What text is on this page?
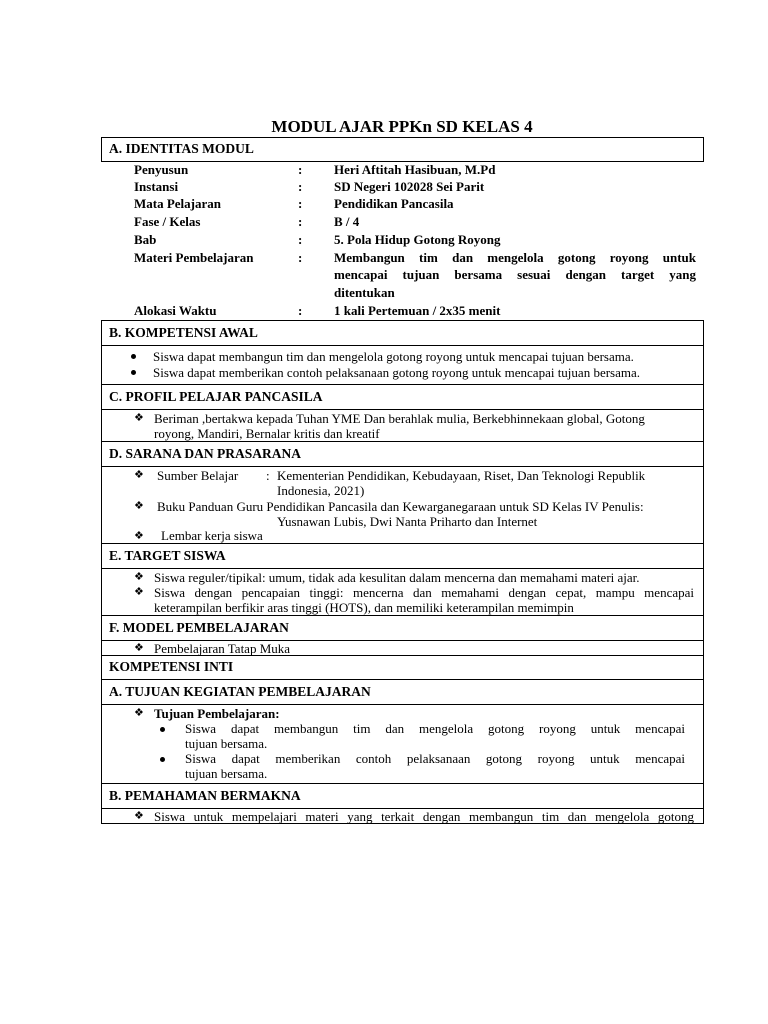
MODUL AJAR PPKn SD KELAS 4
A. IDENTITAS MODUL
Penyusun	: Heri Aftitah Hasibuan, M.Pd
Instansi	: SD Negeri 102028 Sei Parit
Mata Pelajaran	: Pendidikan Pancasila
Fase / Kelas	: B / 4
Bab	: 5. Pola Hidup Gotong Royong
Materi Pembelajaran	: Membangun tim dan mengelola gotong royong untuk
mencapai tujuan bersama sesuai dengan target yang
ditentukan
Alokasi Waktu	: 1 kali Pertemuan / 2x35 menit
B. KOMPETENSI AWAL
Siswa dapat membangun tim dan mengelola gotong royong untuk mencapai tujuan bersama.
Siswa dapat memberikan contoh pelaksanaan gotong royong untuk mencapai tujuan bersama.
C. PROFIL PELAJAR PANCASILA
❖ Beriman ,bertakwa kepada Tuhan YME Dan berahlak mulia, Berkebhinnekaan global, Gotong
royong, Mandiri, Bernalar kritis dan kreatif
D. SARANA DAN PRASARANA
❖ Sumber Belajar : Kementerian Pendidikan, Kebudayaan, Riset, Dan Teknologi Republik
Indonesia, 2021)
❖ Buku Panduan Guru Pendidikan Pancasila dan Kewarganegaraan untuk SD Kelas IV Penulis:
Yusnawan Lubis, Dwi Nanta Priharto dan Internet
❖ Lembar kerja siswa
E. TARGET SISWA
❖ Siswa reguler/tipikal: umum, tidak ada kesulitan dalam mencerna dan memahami materi ajar.
❖ Siswa dengan pencapaian tinggi: mencerna dan memahami dengan cepat, mampu mencapai
keterampilan berfikir aras tinggi (HOTS), dan memiliki keterampilan memimpin
F. MODEL PEMBELAJARAN
❖ Pembelajaran Tatap Muka
KOMPETENSI INTI
A. TUJUAN KEGIATAN PEMBELAJARAN
❖ Tujuan Pembelajaran:
Siswa dapat membangun tim dan mengelola gotong royong untuk mencapai
tujuan bersama.
Siswa dapat memberikan contoh pelaksanaan gotong royong untuk mencapai
tujuan bersama.
B. PEMAHAMAN BERMAKNA
❖ Siswa untuk mempelajari materi yang terkait dengan membangun tim dan mengelola gotong
